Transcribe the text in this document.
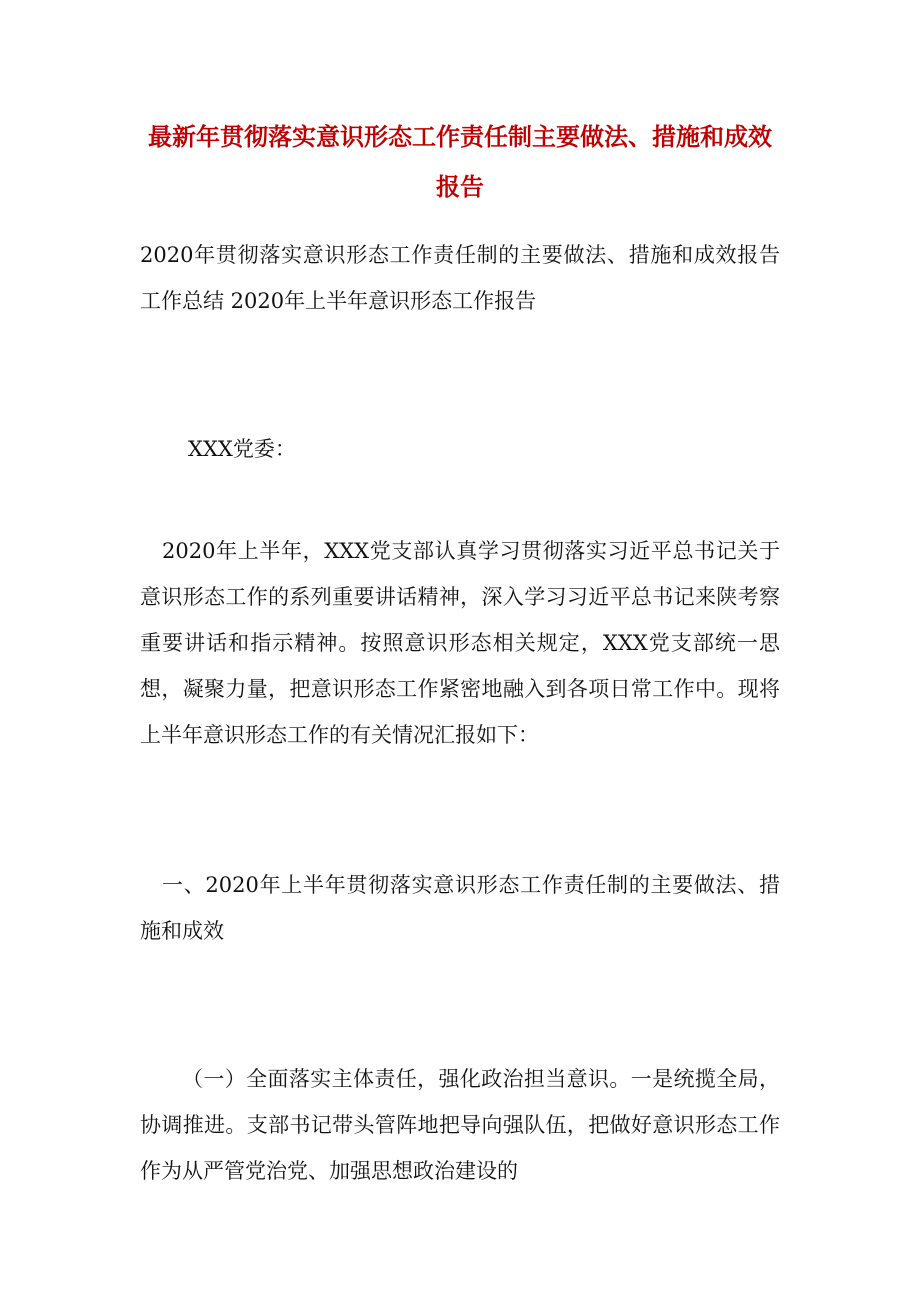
最新年贯彻落实意识形态工作责任制主要做法、措施和成效报告
2020年贯彻落实意识形态工作责任制的主要做法、措施和成效报告工作总结 2020年上半年意识形态工作报告
XXX党委：
2020年上半年，XXX党支部认真学习贯彻落实习近平总书记关于意识形态工作的系列重要讲话精神，深入学习习近平总书记来陕考察重要讲话和指示精神。按照意识形态相关规定，XXX党支部统一思想，凝聚力量，把意识形态工作紧密地融入到各项日常工作中。现将上半年意识形态工作的有关情况汇报如下：
一、2020年上半年贯彻落实意识形态工作责任制的主要做法、措施和成效
（一）全面落实主体责任，强化政治担当意识。一是统揽全局，协调推进。支部书记带头管阵地把导向强队伍，把做好意识形态工作作为从严管党治党、加强思想政治建设的
